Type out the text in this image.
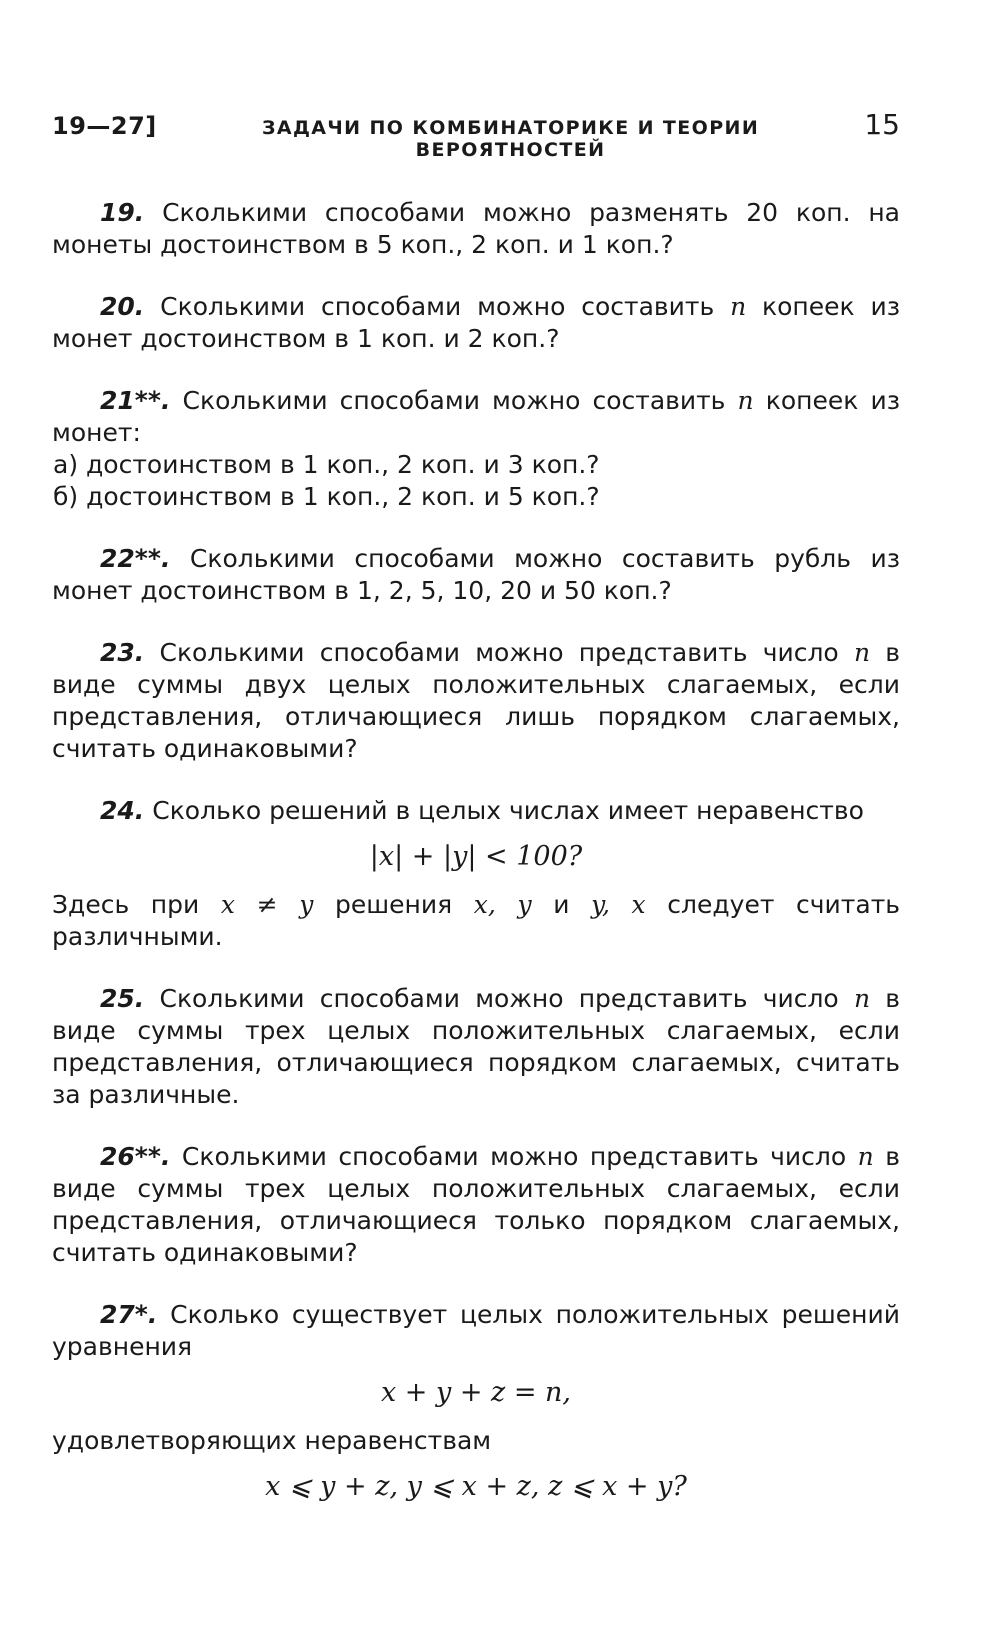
19—27]	ЗАДАЧИ ПО КОМБИНАТОРИКЕ И ТЕОРИИ ВЕРОЯТНОСТЕЙ
15

19. Сколькими способами можно разменять 20 коп. на монеты достоинством в 5 коп., 2 коп. и 1 коп.?

20. Сколькими способами можно составить n копеек из монет достоинством в 1 коп. и 2 коп.?

21**. Сколькими способами можно составить n копеек из монет:

а) достоинством в 1 коп., 2 коп. и 3 коп.?

б) достоинством в 1 коп., 2 коп. и 5 коп.?

22**. Сколькими способами можно составить рубль из монет достоинством в 1, 2, 5, 10, 20 и 50 коп.?

23. Сколькими способами можно представить число n в виде суммы двух целых положительных слагаемых, если представления, отличающиеся лишь порядком слагаемых, считать одинаковыми?

24. Сколько решений в целых числах имеет неравенство

|x| + |y| < 100?

Здесь при x ≠ y решения x, y и y, x следует считать различными.

25. Сколькими способами можно представить число n в виде суммы трех целых положительных слагаемых, если представления, отличающиеся порядком слагаемых, считать за различные.

26**. Сколькими способами можно представить число n в виде суммы трех целых положительных слагаемых, если представления, отличающиеся только порядком слагаемых, считать одинаковыми?

27*. Сколько существует целых положительных решений уравнения

x + y + z = n,

удовлетворяющих неравенствам

x ⩽ y + z, y ⩽ x + z, z ⩽ x + y?
